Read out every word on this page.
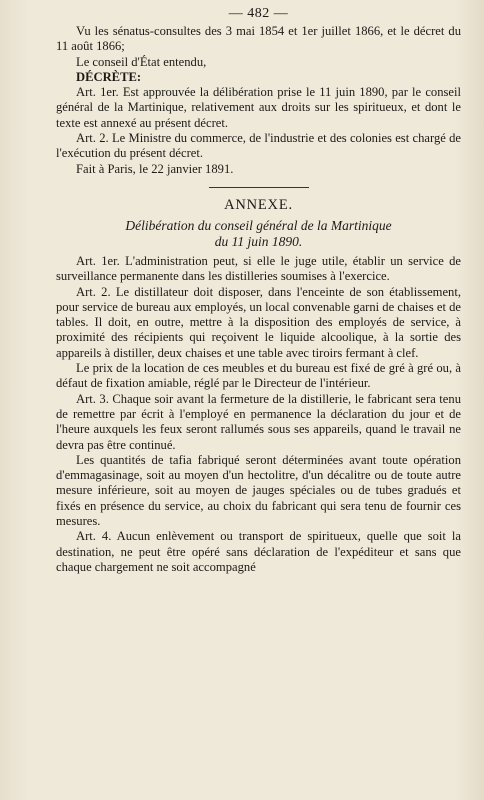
— 482 —

Vu les sénatus-consultes des 3 mai 1854 et 1er juillet 1866, et le décret du 11 août 1866;

Le conseil d'État entendu,

DÉCRÈTE:

Art. 1er. Est approuvée la délibération prise le 11 juin 1890, par le conseil général de la Martinique, relativement aux droits sur les spiritueux, et dont le texte est annexé au présent décret.

Art. 2. Le Ministre du commerce, de l'industrie et des colonies est chargé de l'exécution du présent décret.

Fait à Paris, le 22 janvier 1891.

ANNEXE.
Délibération du conseil général de la Martinique
du 11 juin 1890.

Art. 1er. L'administration peut, si elle le juge utile, établir un service de surveillance permanente dans les distilleries soumises à l'exercice.

Art. 2. Le distillateur doit disposer, dans l'enceinte de son établissement, pour service de bureau aux employés, un local convenable garni de chaises et de tables. Il doit, en outre, mettre à la disposition des employés de service, à proximité des récipients qui reçoivent le liquide alcoolique, à la sortie des appareils à distiller, deux chaises et une table avec tiroirs fermant à clef.

Le prix de la location de ces meubles et du bureau est fixé de gré à gré ou, à défaut de fixation amiable, réglé par le Directeur de l'intérieur.

Art. 3. Chaque soir avant la fermeture de la distillerie, le fabricant sera tenu de remettre par écrit à l'employé en permanence la déclaration du jour et de l'heure auxquels les feux seront rallumés sous ses appareils, quand le travail ne devra pas être continué.

Les quantités de tafia fabriqué seront déterminées avant toute opération d'emmagasinage, soit au moyen d'un hectolitre, d'un décalitre ou de toute autre mesure inférieure, soit au moyen de jauges spéciales ou de tubes gradués et fixés en présence du service, au choix du fabricant qui sera tenu de fournir ces mesures.

Art. 4. Aucun enlèvement ou transport de spiritueux, quelle que soit la destination, ne peut être opéré sans déclaration de l'expéditeur et sans que chaque chargement ne soit accompagné
